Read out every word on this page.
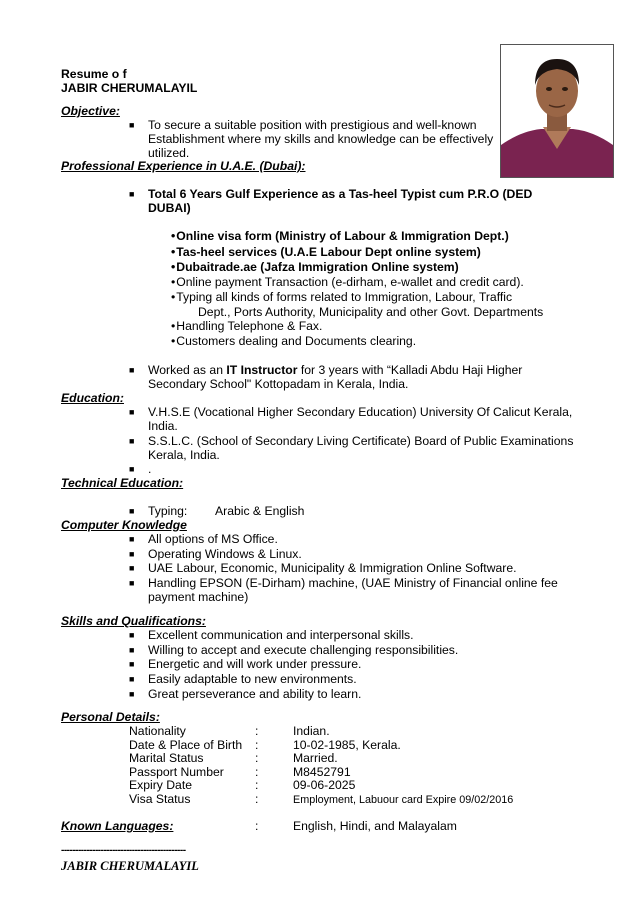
Resume o f
JABIR CHERUMALAYIL
Objective:
■ To secure a suitable position with prestigious and well-known
Establishment where my skills and knowledge can be effectively
utilized.
Professional Experience in U.A.E. (Dubai):
■ Total 6 Years Gulf Experience as a Tas-heel Typist cum P.R.O (DED
DUBAI)
• Online visa form (Ministry of Labour & Immigration Dept.)
• Tas-heel services (U.A.E Labour Dept online system)
• Dubaitrade.ae (Jafza Immigration Online system)
• Online payment Transaction (e-dirham, e-wallet and credit card).
• Typing all kinds of forms related to Immigration, Labour, Traffic
Dept., Ports Authority, Municipality and other Govt. Departments
• Handling Telephone & Fax.
• Customers dealing and Documents clearing.
■ Worked as an IT Instructor for 3 years with “Kalladi Abdu Haji Higher
Secondary School" Kottopadam in Kerala, India.
Education:
■ V.H.S.E (Vocational Higher Secondary Education) University Of Calicut Kerala,
India.
■ S.S.L.C. (School of Secondary Living Certificate) Board of Public Examinations
Kerala, India.
■ .
Technical Education:
■ Typing: Arabic & English
Computer Knowledge
■ All options of MS Office.
■ Operating Windows & Linux.
■ UAE Labour, Economic, Municipality & Immigration Online Software.
■ Handling EPSON (E-Dirham) machine, (UAE Ministry of Financial online fee
payment machine)
Skills and Qualifications:
■ Excellent communication and interpersonal skills.
■ Willing to accept and execute challenging responsibilities.
■ Energetic and will work under pressure.
■ Easily adaptable to new environments.
■ Great perseverance and ability to learn.
Personal Details:
Nationality	:	Indian.
Date & Place of Birth :	10-02-1985, Kerala.
Marital Status	:	Married.
Passport Number	:	M8452791
Expiry Date	:	09-06-2025
Visa Status	:	Employment, Labuour card Expire 09/02/2016
Known Languages:	:	English, Hindi, and Malayalam
--------------------------------------------
JABIR CHERUMALAYIL
